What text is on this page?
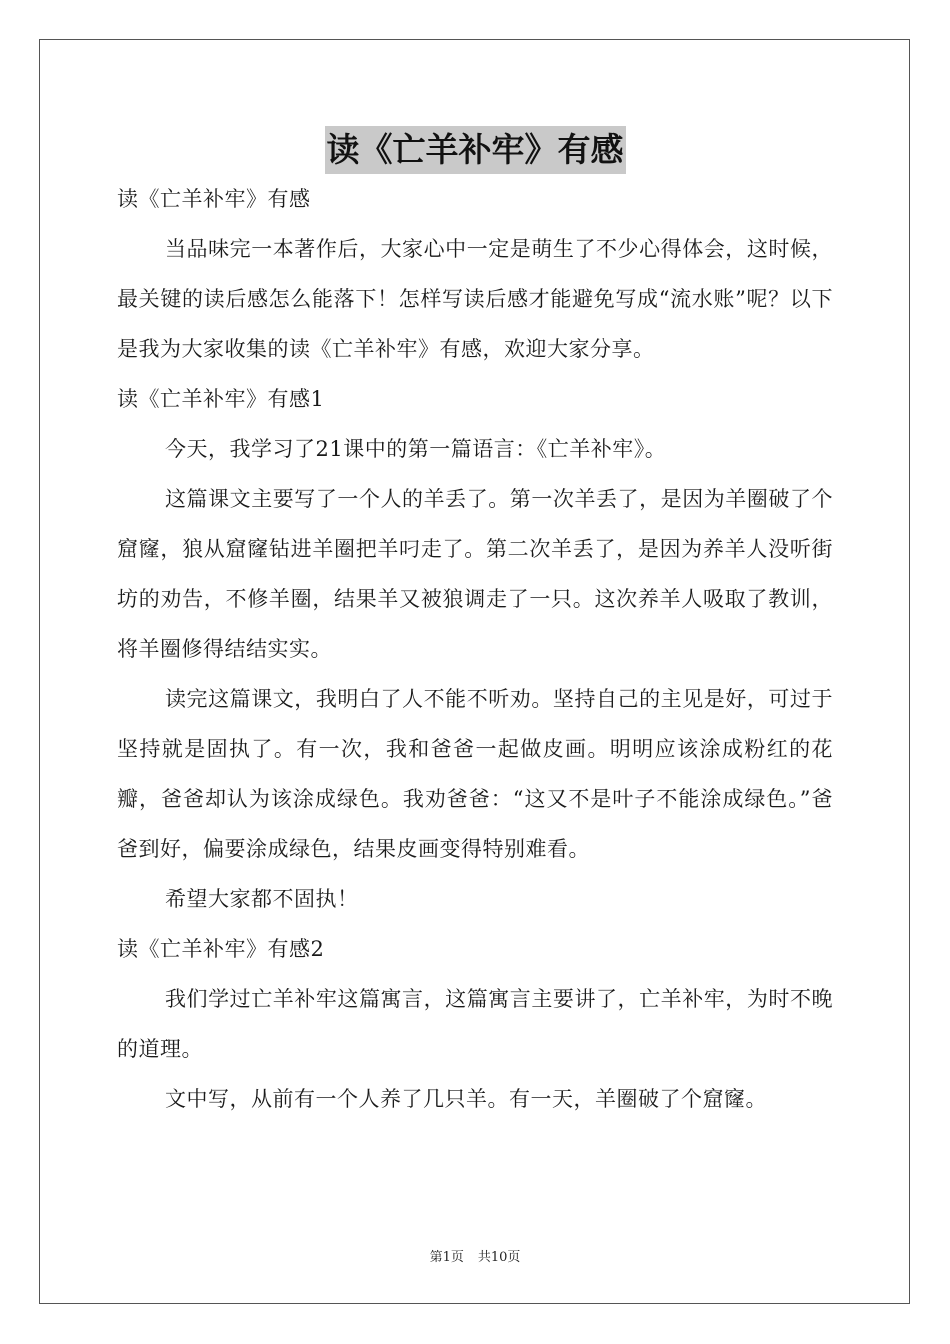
读《亡羊补牢》有感

读《亡羊补牢》有感

当品味完一本著作后，大家心中一定是萌生了不少心得体会，这时候，最关键的读后感怎么能落下！怎样写读后感才能避免写成“流水账”呢？以下是我为大家收集的读《亡羊补牢》有感，欢迎大家分享。

读《亡羊补牢》有感1

今天，我学习了21课中的第一篇语言：《亡羊补牢》。

这篇课文主要写了一个人的羊丢了。第一次羊丢了，是因为羊圈破了个窟窿，狼从窟窿钻进羊圈把羊叼走了。第二次羊丢了，是因为养羊人没听街坊的劝告，不修羊圈，结果羊又被狼调走了一只。这次养羊人吸取了教训，将羊圈修得结结实实。

读完这篇课文，我明白了人不能不听劝。坚持自己的主见是好，可过于坚持就是固执了。有一次，我和爸爸一起做皮画。明明应该涂成粉红的花瓣，爸爸却认为该涂成绿色。我劝爸爸：“这又不是叶子不能涂成绿色。”爸爸到好，偏要涂成绿色，结果皮画变得特别难看。

希望大家都不固执！

读《亡羊补牢》有感2

我们学过亡羊补牢这篇寓言，这篇寓言主要讲了，亡羊补牢，为时不晚的道理。

文中写，从前有一个人养了几只羊。有一天，羊圈破了个窟窿。

第1页 共10页
